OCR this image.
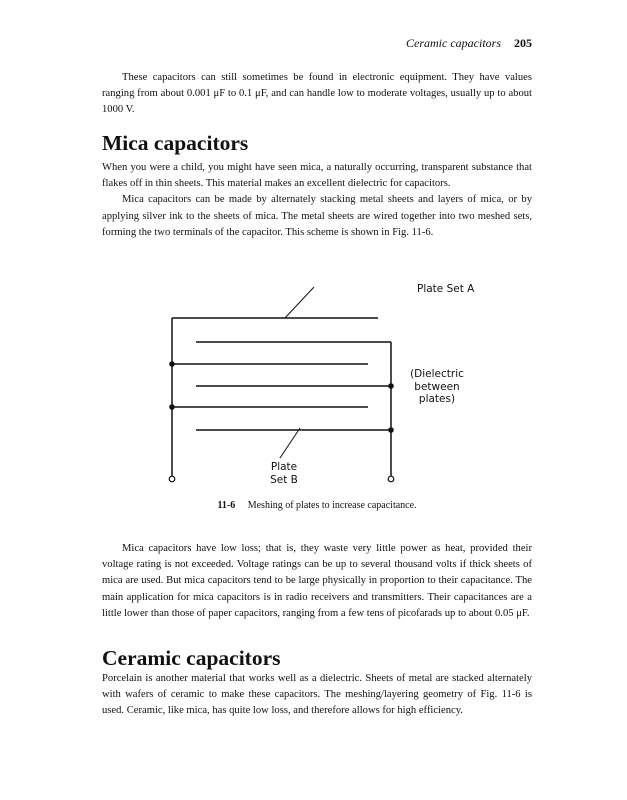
Ceramic capacitors 205

These capacitors can still sometimes be found in electronic equipment. They have values ranging from about 0.001 μF to 0.1 μF, and can handle low to moderate voltages, usually up to about 1000 V.

Mica capacitors

When you were a child, you might have seen mica, a naturally occurring, transparent substance that flakes off in thin sheets. This material makes an excellent dielectric for capacitors.

Mica capacitors can be made by alternately stacking metal sheets and layers of mica, or by applying silver ink to the sheets of mica. The metal sheets are wired together into two meshed sets, forming the two terminals of the capacitor. This scheme is shown in Fig. 11-6.

Plate Set A
Plate
Set B
(Dielectric
between
plates)
11-6 Meshing of plates to increase capacitance.

Mica capacitors have low loss; that is, they waste very little power as heat, provided their voltage rating is not exceeded. Voltage ratings can be up to several thousand volts if thick sheets of mica are used. But mica capacitors tend to be large physically in proportion to their capacitance. The main application for mica capacitors is in radio receivers and transmitters. Their capacitances are a little lower than those of paper capacitors, ranging from a few tens of picofarads up to about 0.05 μF.

Ceramic capacitors

Porcelain is another material that works well as a dielectric. Sheets of metal are stacked alternately with wafers of ceramic to make these capacitors. The meshing/layering geometry of Fig. 11-6 is used. Ceramic, like mica, has quite low loss, and therefore allows for high efficiency.
